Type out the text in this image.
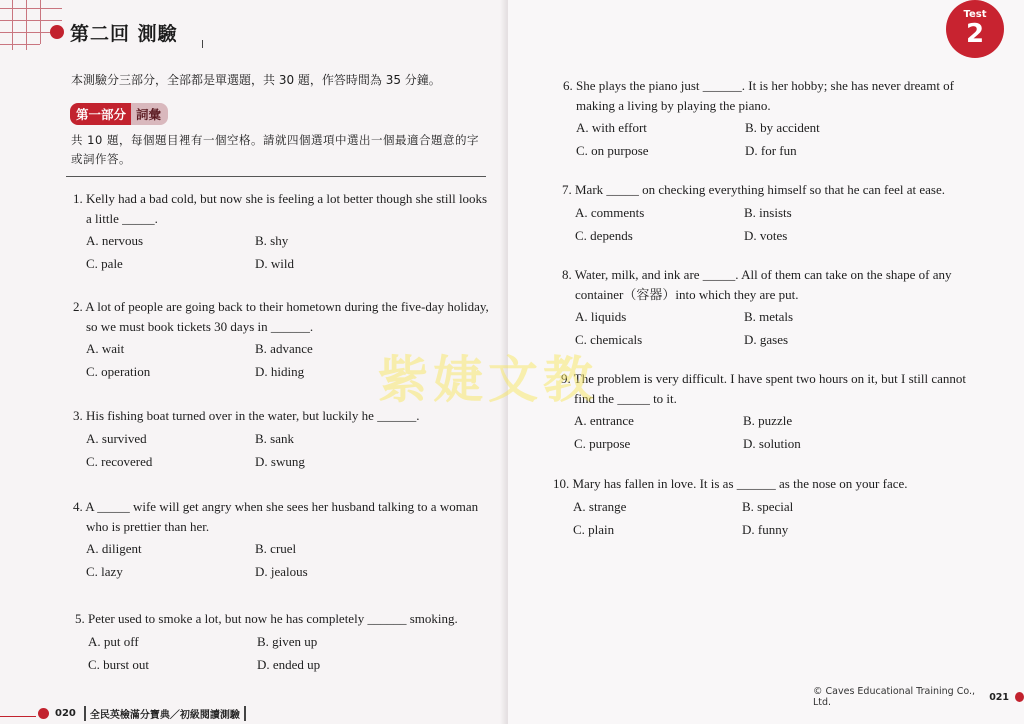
第二回 測驗
本測驗分三部分，全部都是單選題，共 30 題，作答時間為 35 分鐘。
第一部分 詞彙
共 10 題，每個題目裡有一個空格。請就四個選項中選出一個最適合題意的字或詞作答。
1. Kelly had a bad cold, but now she is feeling a lot better though she still looks a little _____.
A. nervous	B. shy
C. pale	D. wild
2. A lot of people are going back to their hometown during the five-day holiday, so we must book tickets 30 days in ______.
A. wait	B. advance
C. operation	D. hiding
3. His fishing boat turned over in the water, but luckily he ______.
A. survived	B. sank
C. recovered	D. swung
4. A _____ wife will get angry when she sees her husband talking to a woman who is prettier than her.
A. diligent	B. cruel
C. lazy	D. jealous
5. Peter used to smoke a lot, but now he has completely ______ smoking.
A. put off	B. given up
C. burst out	D. ended up
020	全民英檢滿分寶典／初級閱讀測驗
6. She plays the piano just ______. It is her hobby; she has never dreamt of making a living by playing the piano.
A. with effort	B. by accident
C. on purpose	D. for fun
7. Mark _____ on checking everything himself so that he can feel at ease.
A. comments	B. insists
C. depends	D. votes
8. Water, milk, and ink are _____. All of them can take on the shape of any container（容器）into which they are put.
A. liquids	B. metals
C. chemicals	D. gases
9. The problem is very difficult. I have spent two hours on it, but I still cannot find the _____ to it.
A. entrance	B. puzzle
C. purpose	D. solution
10. Mary has fallen in love. It is as ______ as the nose on your face.
A. strange	B. special
C. plain	D. funny
Test
2
© Caves Educational Training Co., Ltd.	021
紫婕文教
